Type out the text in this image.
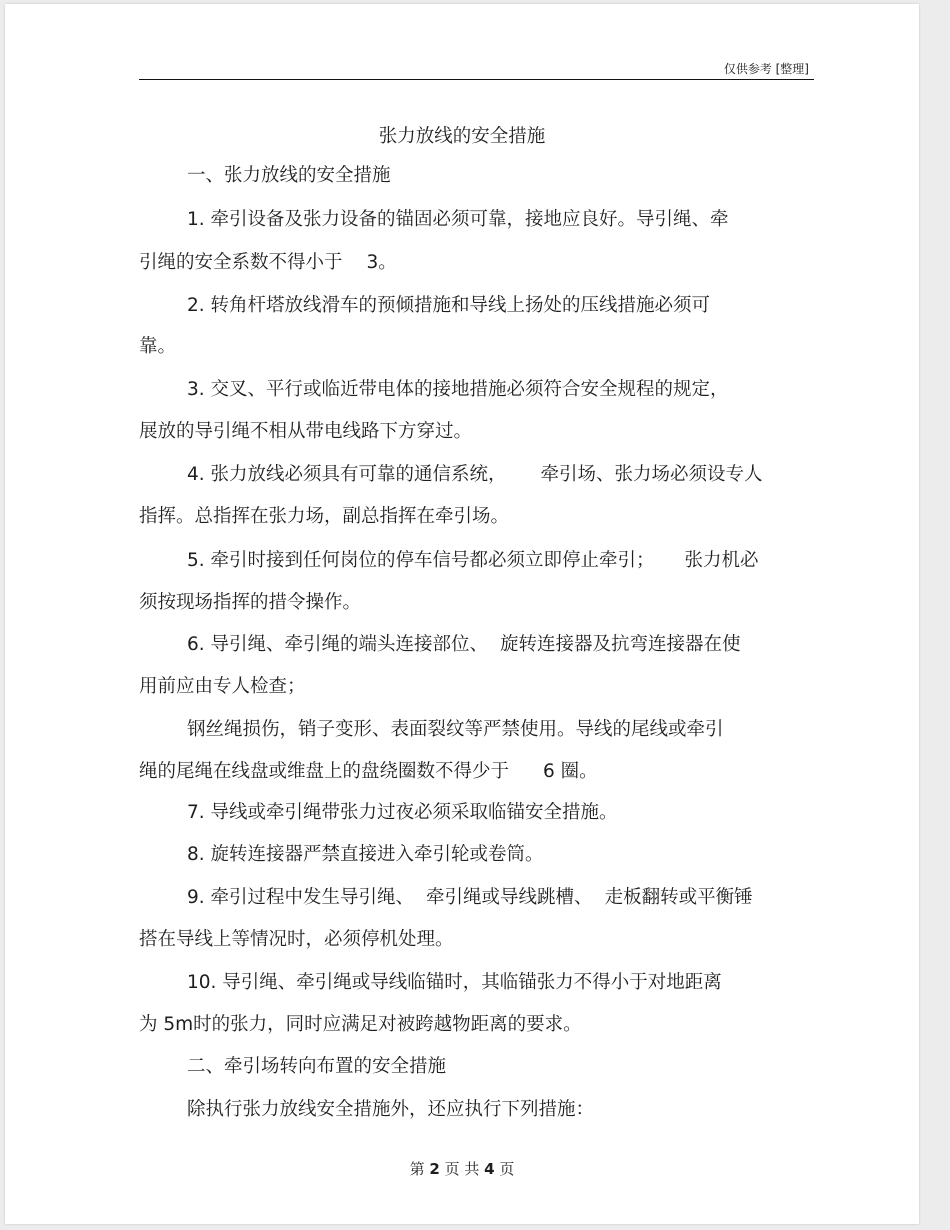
仅供参考 [整理]
张力放线的安全措施
一、张力放线的安全措施
1. 牵引设备及张力设备的锚固必须可靠，接地应良好。导引绳、牵
引绳的安全系数不得小于 3。
2. 转角杆塔放线滑车的预倾措施和导线上扬处的压线措施必须可
靠。
3. 交叉、平行或临近带电体的接地措施必须符合安全规程的规定，
展放的导引绳不相从带电线路下方穿过。
4. 张力放线必须具有可靠的通信系统， 牵引场、张力场必须设专人
指挥。总指挥在张力场，副总指挥在牵引场。
5. 牵引时接到任何岗位的停车信号都必须立即停止牵引； 张力机必
须按现场指挥的措令操作。
6. 导引绳、牵引绳的端头连接部位、 旋转连接器及抗弯连接器在使
用前应由专人检查；
钢丝绳损伤，销子变形、表面裂纹等严禁使用。导线的尾线或牵引
绳的尾绳在线盘或维盘上的盘绕圈数不得少于 6 圈。
7. 导线或牵引绳带张力过夜必须采取临锚安全措施。
8. 旋转连接器严禁直接进入牵引轮或卷筒。
9. 牵引过程中发生导引绳、 牵引绳或导线跳槽、 走板翻转或平衡锤
搭在导线上等情况时，必须停机处理。
10. 导引绳、牵引绳或导线临锚时，其临锚张力不得小于对地距离
为 5m时的张力，同时应满足对被跨越物距离的要求。
二、牵引场转向布置的安全措施
除执行张力放线安全措施外，还应执行下列措施：
第 2 页 共 4 页
